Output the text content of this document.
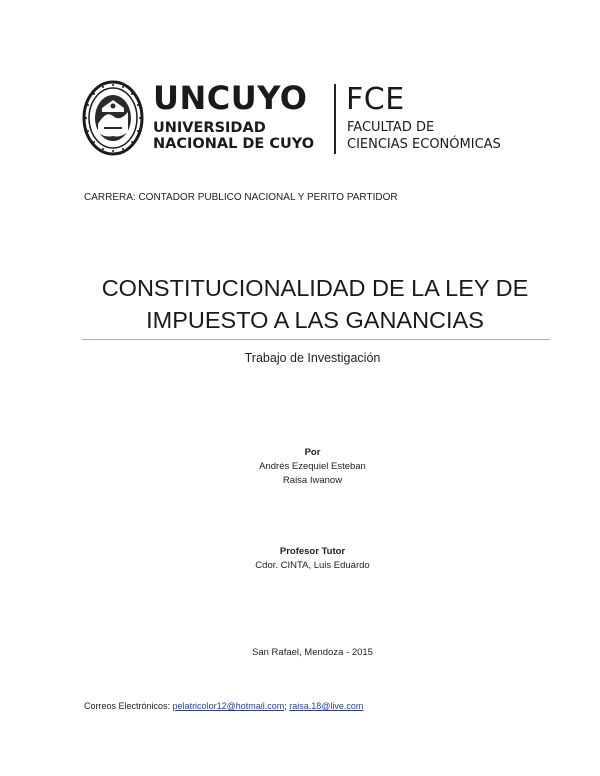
UNCUYO
UNIVERSIDAD
NACIONAL DE CUYO
FCE
FACULTAD DE
CIENCIAS ECONÓMICAS
CARRERA: CONTADOR PUBLICO NACIONAL Y PERITO PARTIDOR
CONSTITUCIONALIDAD DE LA LEY DE
IMPUESTO A LAS GANANCIAS
Trabajo de Investigación
Por
Andrés Ezequiel Esteban
Raisa Iwanow
Profesor Tutor
Cdor. CINTA, Luis Eduardo
San Rafael, Mendoza - 2015
Correos Electrónicos: pelatricolor12@hotmail.com; raisa.18@live.com
